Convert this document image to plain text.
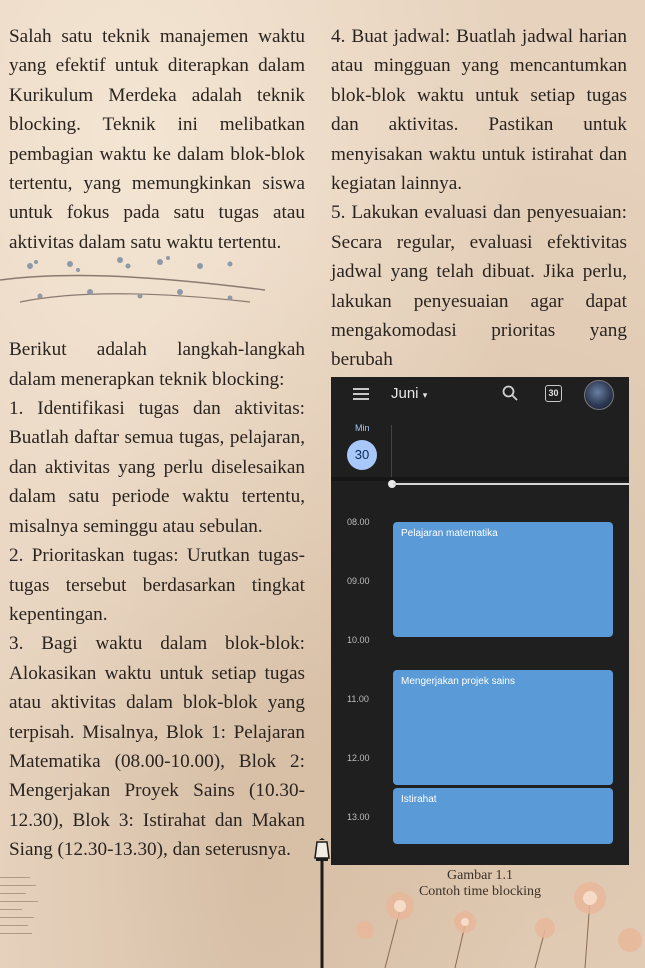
Salah satu teknik manajemen waktu yang efektif untuk diterapkan dalam Kurikulum Merdeka adalah teknik blocking. Teknik ini melibatkan pembagian waktu ke dalam blok-blok tertentu, yang memungkinkan siswa untuk fokus pada satu tugas atau aktivitas dalam satu waktu tertentu.

Berikut adalah langkah-langkah dalam menerapkan teknik blocking:

1. Identifikasi tugas dan aktivitas: Buatlah daftar semua tugas, pelajaran, dan aktivitas yang perlu diselesaikan dalam satu periode waktu tertentu, misalnya seminggu atau sebulan.

2. Prioritaskan tugas: Urutkan tugas-tugas tersebut berdasarkan tingkat kepentingan.

3. Bagi waktu dalam blok-blok: Alokasikan waktu untuk setiap tugas atau aktivitas dalam blok-blok yang terpisah. Misalnya, Blok 1: Pelajaran Matematika (08.00-10.00), Blok 2: Mengerjakan Proyek Sains (10.30-12.30), Blok 3: Istirahat dan Makan Siang (12.30-13.30), dan seterusnya.

4. Buat jadwal: Buatlah jadwal harian atau mingguan yang mencantumkan blok-blok waktu untuk setiap tugas dan aktivitas. Pastikan untuk menyisakan waktu untuk istirahat dan kegiatan lainnya.

5. Lakukan evaluasi dan penyesuaian: Secara regular, evaluasi efektivitas jadwal yang telah dibuat. Jika perlu, lakukan penyesuaian agar dapat mengakomodasi prioritas yang berubah

Juni ▾	30
Min
30
08.00
09.00
10.00
11.00
12.00
13.00
Pelajaran matematika
Mengerjakan projek sains
Istirahat
Gambar 1.1
Contoh time blocking
